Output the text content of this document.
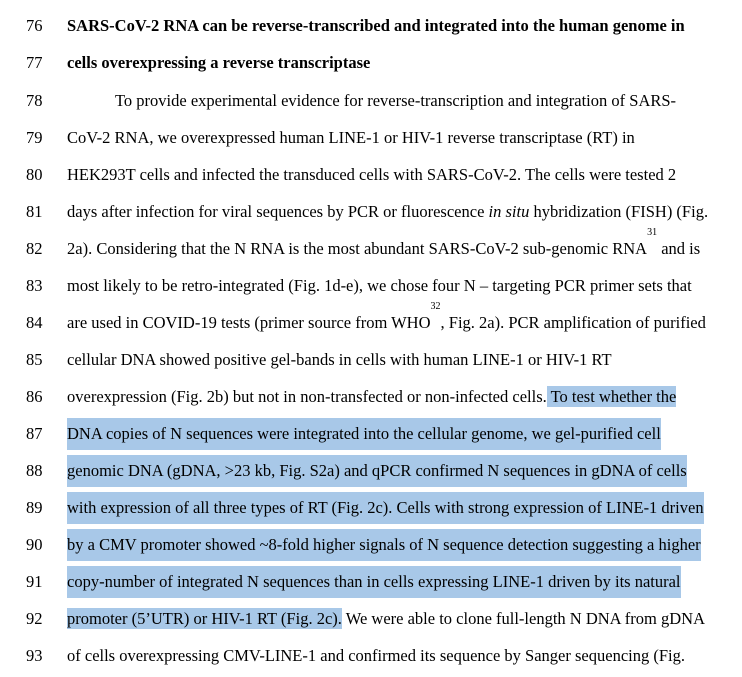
76	SARS-CoV-2 RNA can be reverse-transcribed and integrated into the human genome in
77	cells overexpressing a reverse transcriptase
78	To provide experimental evidence for reverse-transcription and integration of SARS-
79	CoV-2 RNA, we overexpressed human LINE-1 or HIV-1 reverse transcriptase (RT) in
80	HEK293T cells and infected the transduced cells with SARS-CoV-2. The cells were tested 2
81	days after infection for viral sequences by PCR or fluorescence in situ hybridization (FISH) (Fig.
82	2a). Considering that the N RNA is the most abundant SARS-CoV-2 sub-genomic RNA$^{31}$ and is
83	most likely to be retro-integrated (Fig. 1d-e), we chose four N – targeting PCR primer sets that
84	are used in COVID-19 tests (primer source from WHO$^{32}$, Fig. 2a). PCR amplification of purified
85	cellular DNA showed positive gel-bands in cells with human LINE-1 or HIV-1 RT
86	overexpression (Fig. 2b) but not in non-transfected or non-infected cells. To test whether the
87	DNA copies of N sequences were integrated into the cellular genome, we gel-purified cell
88	genomic DNA (gDNA, >23 kb, Fig. S2a) and qPCR confirmed N sequences in gDNA of cells
89	with expression of all three types of RT (Fig. 2c). Cells with strong expression of LINE-1 driven
90	by a CMV promoter showed ~8-fold higher signals of N sequence detection suggesting a higher
91	copy-number of integrated N sequences than in cells expressing LINE-1 driven by its natural
92	promoter (5’UTR) or HIV-1 RT (Fig. 2c). We were able to clone full-length N DNA from gDNA
93	of cells overexpressing CMV-LINE-1 and confirmed its sequence by Sanger sequencing (Fig.
